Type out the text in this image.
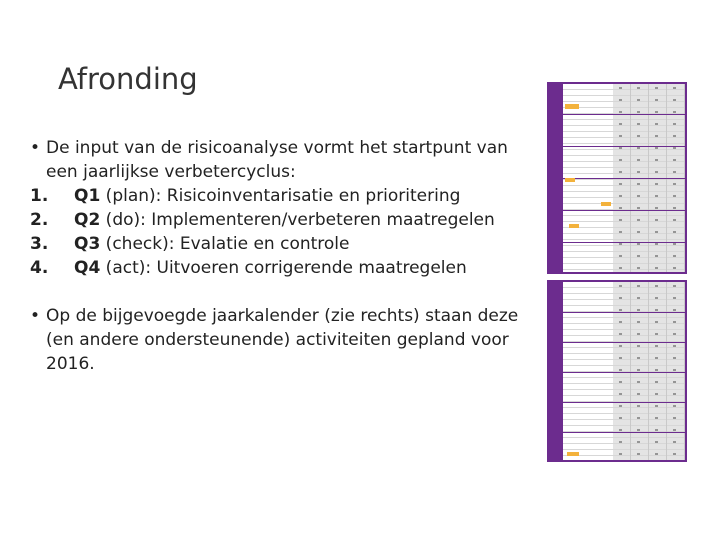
Afronding
• De input van de risicoanalyse vormt het startpunt van een jaarlijkse verbetercyclus:
1. Q1 (plan): Risicoinventarisatie en prioritering
2. Q2 (do): Implementeren/verbeteren maatregelen
3. Q3 (check): Evalatie en controle
4. Q4 (act): Uitvoeren corrigerende maatregelen
• Op de bijgevoegde jaarkalender (zie rechts) staan deze (en andere ondersteunende) activiteiten gepland voor 2016.
